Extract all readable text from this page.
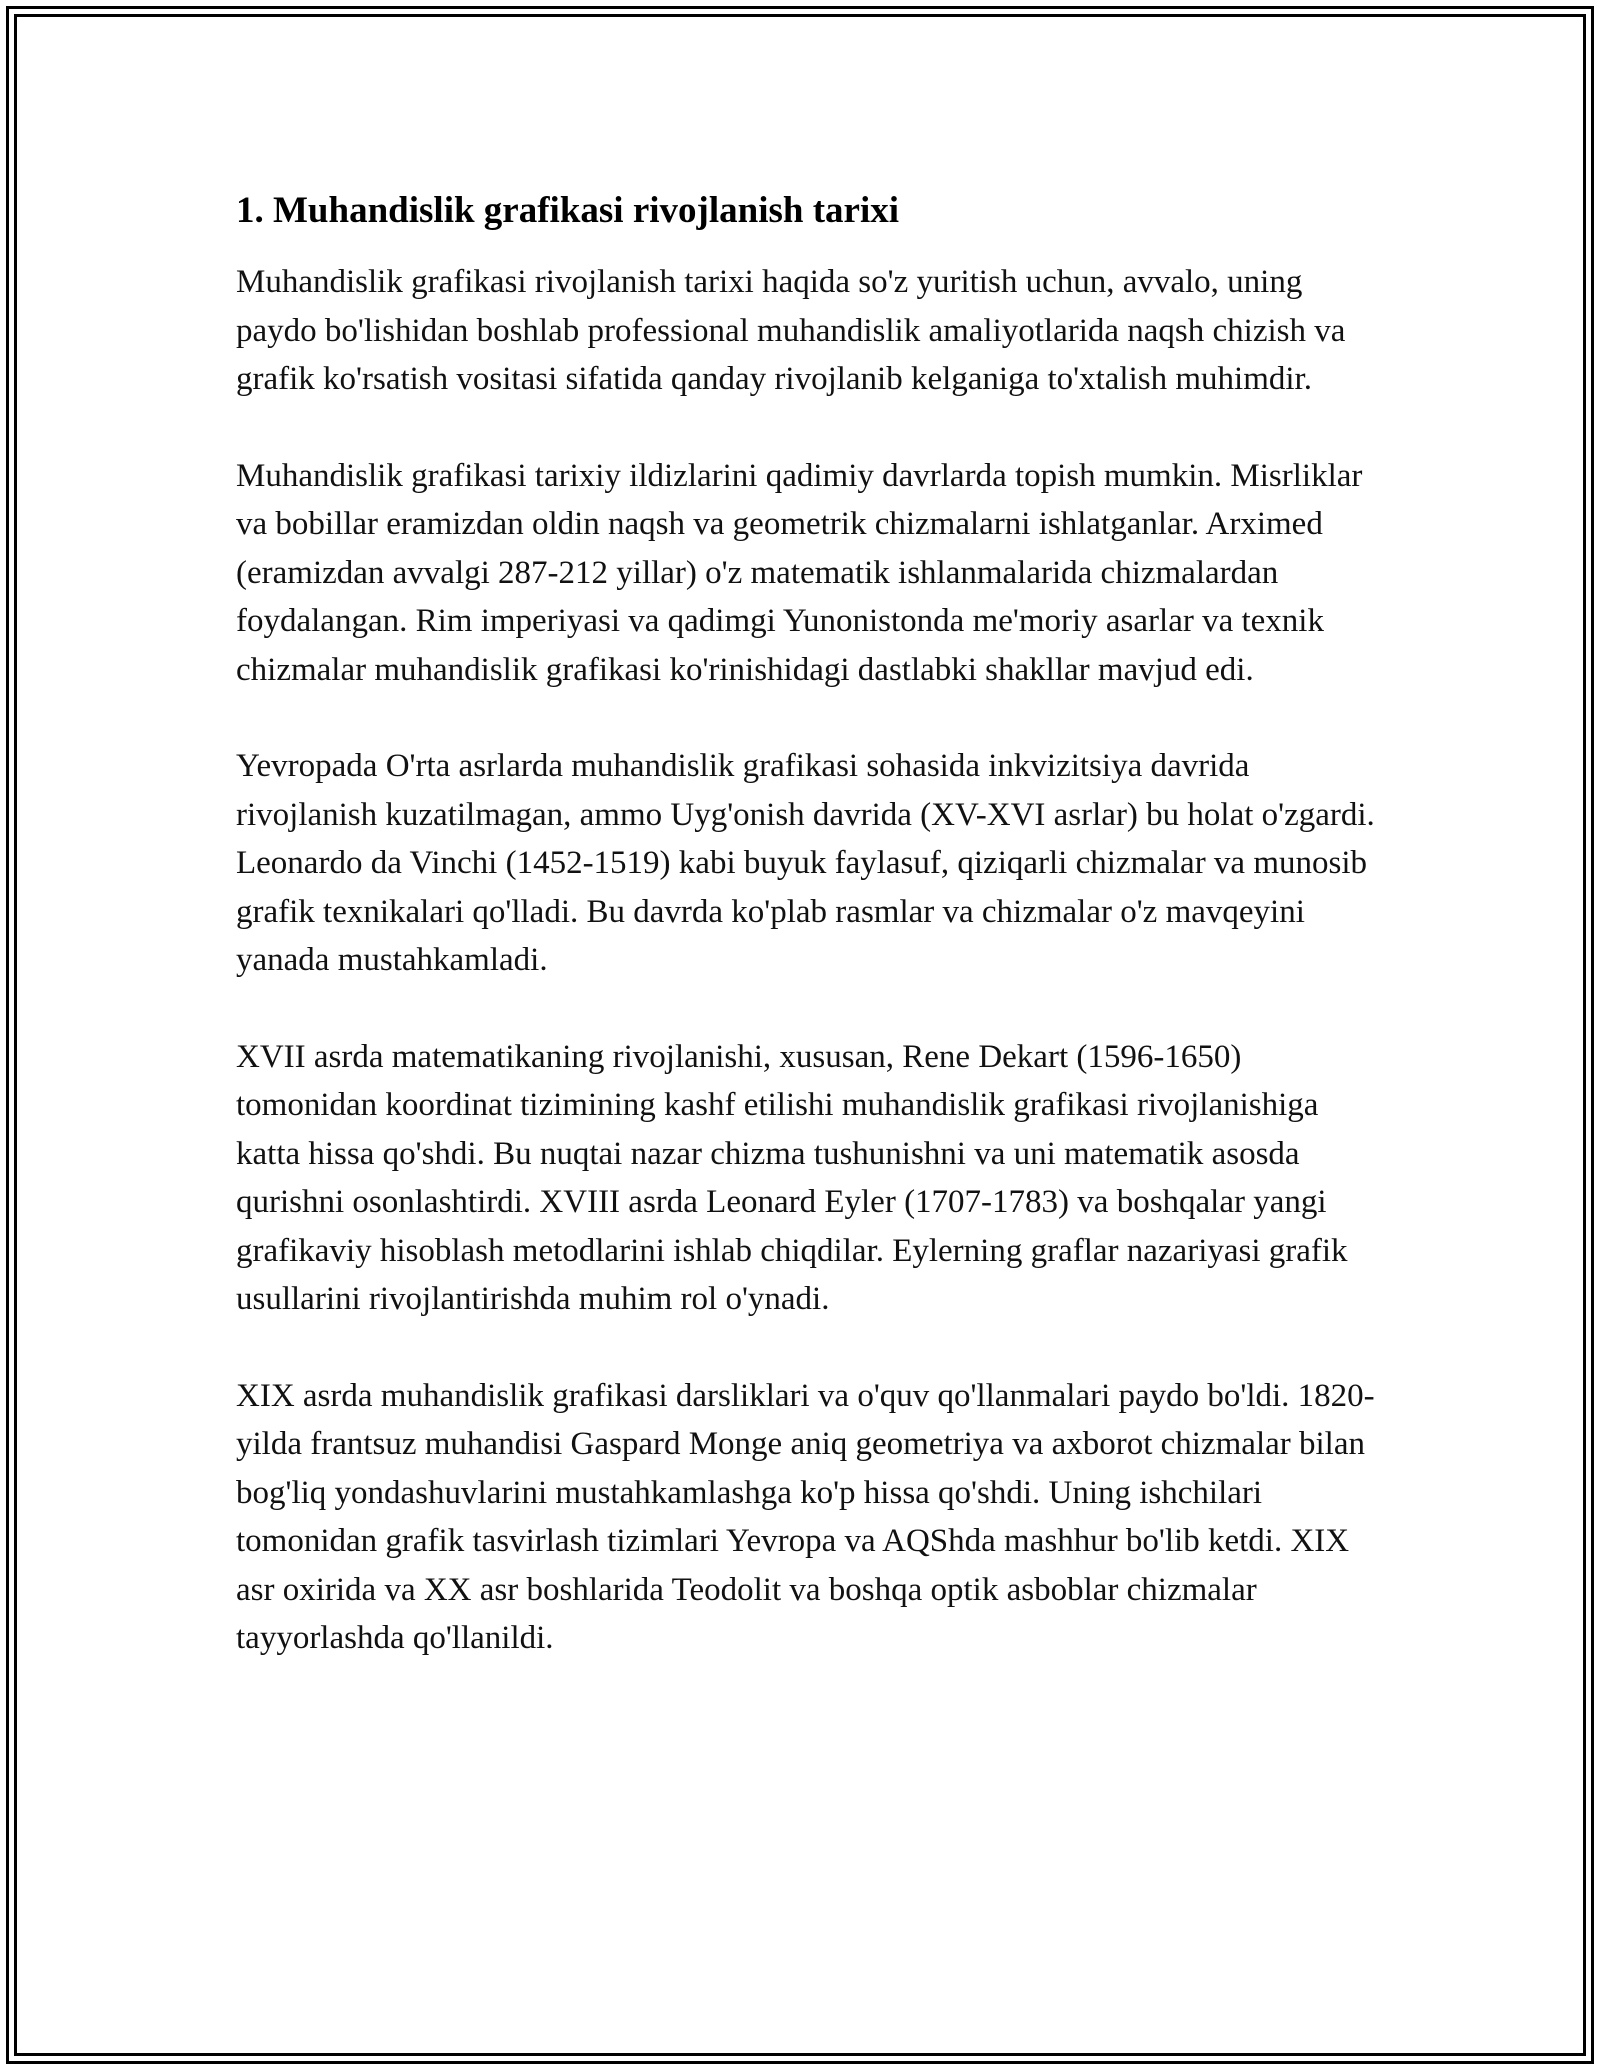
1. Muhandislik grafikasi rivojlanish tarixi

Muhandislik grafikasi rivojlanish tarixi haqida so'z yuritish uchun, avvalo, uning paydo bo'lishidan boshlab professional muhandislik amaliyotlarida naqsh chizish va grafik ko'rsatish vositasi sifatida qanday rivojlanib kelganiga to'xtalish muhimdir.

Muhandislik grafikasi tarixiy ildizlarini qadimiy davrlarda topish mumkin. Misrliklar va bobillar eramizdan oldin naqsh va geometrik chizmalarni ishlatganlar. Arximed (eramizdan avvalgi 287-212 yillar) o'z matematik ishlanmalarida chizmalardan foydalangan. Rim imperiyasi va qadimgi Yunonistonda me'moriy asarlar va texnik chizmalar muhandislik grafikasi ko'rinishidagi dastlabki shakllar mavjud edi.

Yevropada O'rta asrlarda muhandislik grafikasi sohasida inkvizitsiya davrida rivojlanish kuzatilmagan, ammo Uyg'onish davrida (XV-XVI asrlar) bu holat o'zgardi. Leonardo da Vinchi (1452-1519) kabi buyuk faylasuf, qiziqarli chizmalar va munosib grafik texnikalari qo'lladi. Bu davrda ko'plab rasmlar va chizmalar o'z mavqeyini yanada mustahkamladi.

XVII asrda matematikaning rivojlanishi, xususan, Rene Dekart (1596-1650) tomonidan koordinat tizimining kashf etilishi muhandislik grafikasi rivojlanishiga katta hissa qo'shdi. Bu nuqtai nazar chizma tushunishni va uni matematik asosda qurishni osonlashtirdi. XVIII asrda Leonard Eyler (1707-1783) va boshqalar yangi grafikaviy hisoblash metodlarini ishlab chiqdilar. Eylerning graflar nazariyasi grafik usullarini rivojlantirishda muhim rol o'ynadi.

XIX asrda muhandislik grafikasi darsliklari va o'quv qo'llanmalari paydo bo'ldi. 1820-yilda frantsuz muhandisi Gaspard Monge aniq geometriya va axborot chizmalar bilan bog'liq yondashuvlarini mustahkamlashga ko'p hissa qo'shdi. Uning ishchilari tomonidan grafik tasvirlash tizimlari Yevropa va AQShda mashhur bo'lib ketdi. XIX asr oxirida va XX asr boshlarida Teodolit va boshqa optik asboblar chizmalar tayyorlashda qo'llanildi.
